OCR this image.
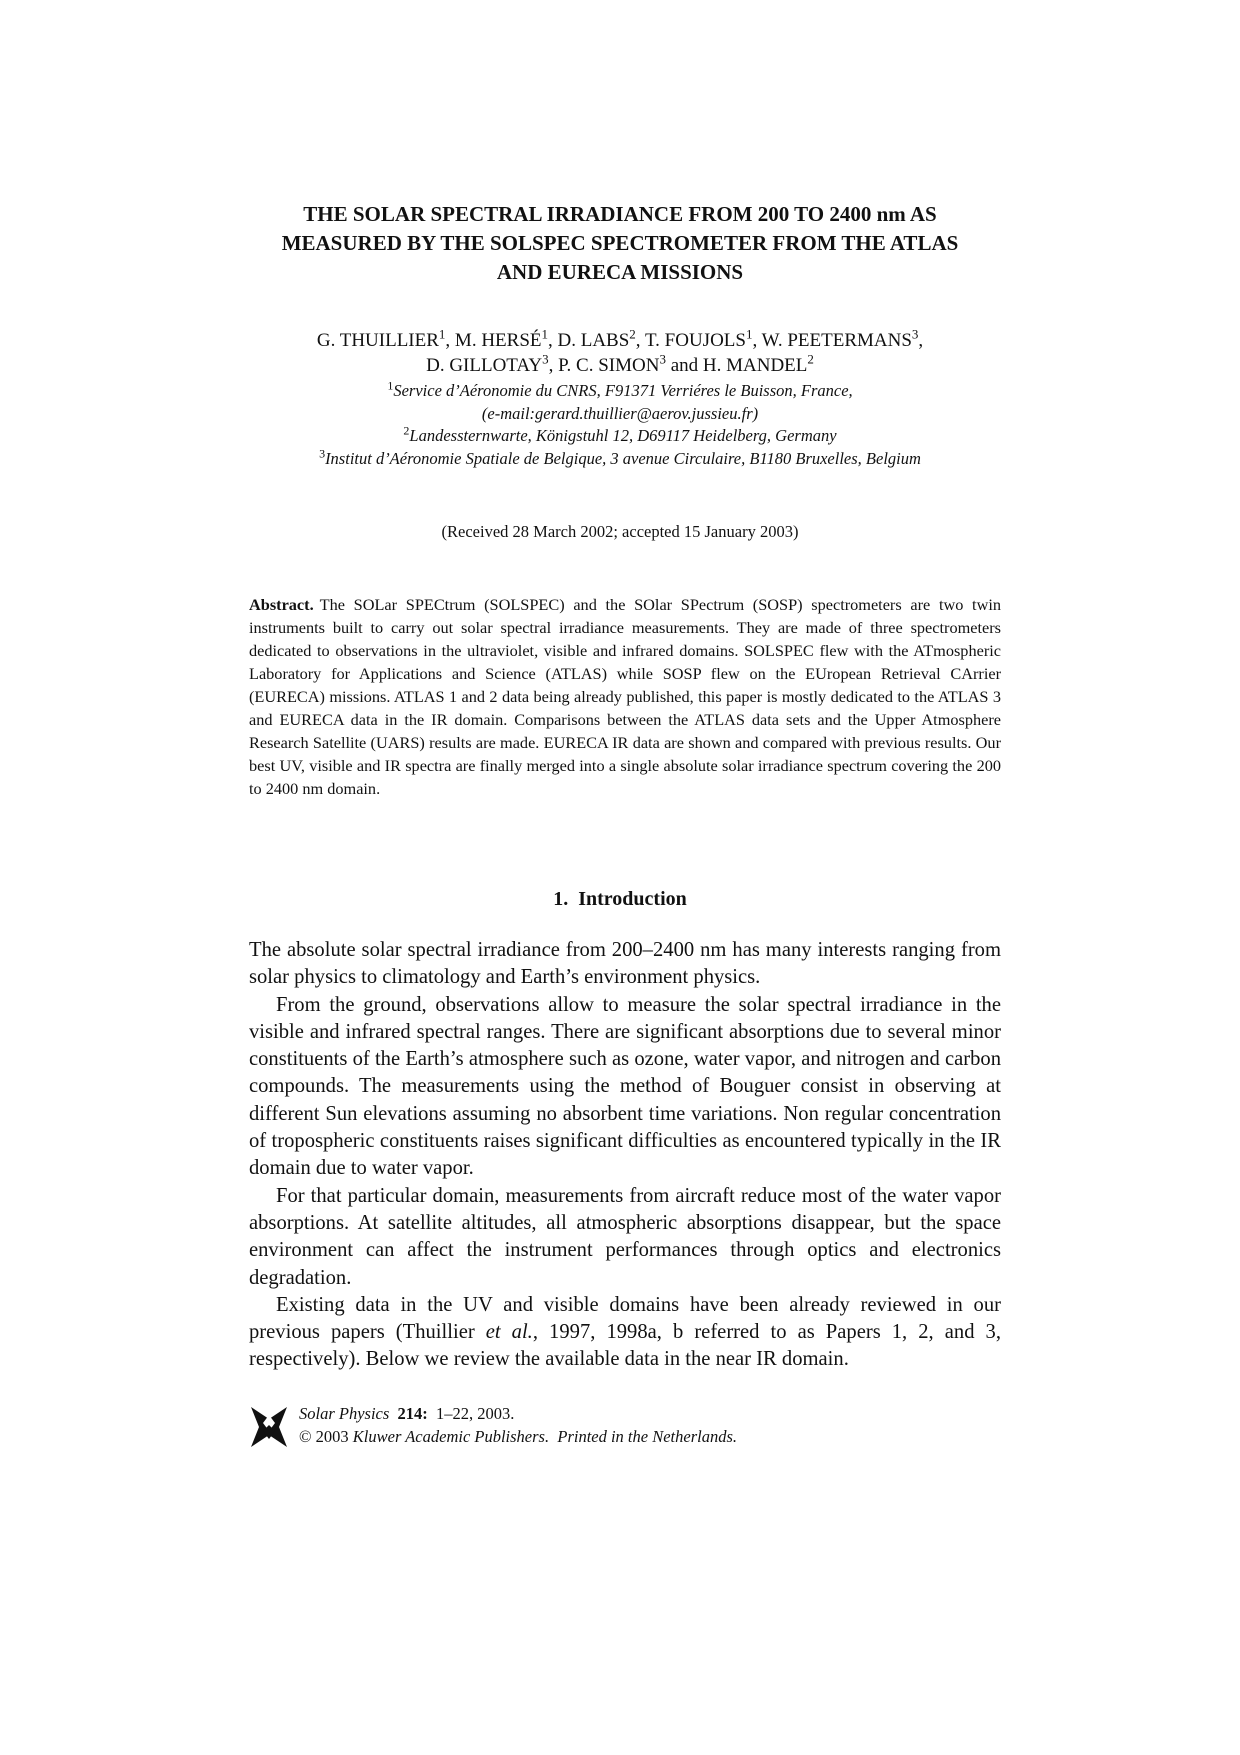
THE SOLAR SPECTRAL IRRADIANCE FROM 200 TO 2400 nm AS
MEASURED BY THE SOLSPEC SPECTROMETER FROM THE ATLAS
AND EURECA MISSIONS
G. THUILLIER$^1$, M. HERSÉ$^1$, D. LABS$^2$, T. FOUJOLS$^1$, W. PEETERMANS$^3$,
D. GILLOTAY$^3$, P. C. SIMON$^3$ and H. MANDEL$^2$
$^1$Service d’Aéronomie du CNRS, F91371 Verriéres le Buisson, France,
(e-mail:gerard.thuillier@aerov.jussieu.fr)
$^2$Landessternwarte, Königstuhl 12, D69117 Heidelberg, Germany
$^3$Institut d’Aéronomie Spatiale de Belgique, 3 avenue Circulaire, B1180 Bruxelles, Belgium
(Received 28 March 2002; accepted 15 January 2003)
Abstract. The SOLar SPECtrum (SOLSPEC) and the SOlar SPectrum (SOSP) spectrometers are two twin instruments built to carry out solar spectral irradiance measurements. They are made of three spectrometers dedicated to observations in the ultraviolet, visible and infrared domains. SOLSPEC flew with the ATmospheric Laboratory for Applications and Science (ATLAS) while SOSP flew on the EUropean Retrieval CArrier (EURECA) missions. ATLAS 1 and 2 data being already published, this paper is mostly dedicated to the ATLAS 3 and EURECA data in the IR domain. Comparisons between the ATLAS data sets and the Upper Atmosphere Research Satellite (UARS) results are made. EURECA IR data are shown and compared with previous results. Our best UV, visible and IR spectra are finally merged into a single absolute solar irradiance spectrum covering the 200 to 2400 nm domain.
1. Introduction

The absolute solar spectral irradiance from 200–2400 nm has many interests ranging from solar physics to climatology and Earth’s environment physics.

From the ground, observations allow to measure the solar spectral irradiance in the visible and infrared spectral ranges. There are significant absorptions due to several minor constituents of the Earth’s atmosphere such as ozone, water vapor, and nitrogen and carbon compounds. The measurements using the method of Bouguer consist in observing at different Sun elevations assuming no absorbent time variations. Non regular concentration of tropospheric constituents raises significant difficulties as encountered typically in the IR domain due to water vapor.

For that particular domain, measurements from aircraft reduce most of the water vapor absorptions. At satellite altitudes, all atmospheric absorptions disappear, but the space environment can affect the instrument performances through optics and electronics degradation.

Existing data in the UV and visible domains have been already reviewed in our previous papers (Thuillier et al., 1997, 1998a, b referred to as Papers 1, 2, and 3, respectively). Below we review the available data in the near IR domain.

Solar Physics 214: 1–22, 2003.
© 2003 Kluwer Academic Publishers. Printed in the Netherlands.
